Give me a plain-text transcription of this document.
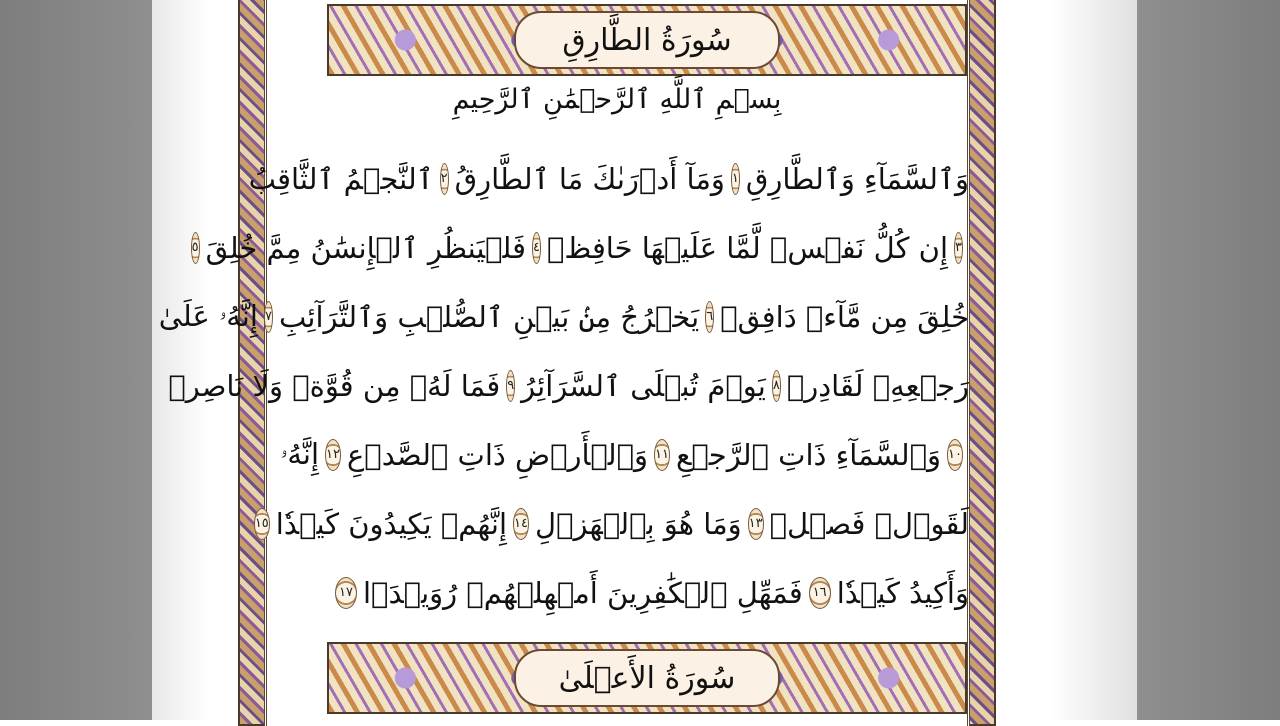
سُورَةُ الطَّارِقِ
بِسۡمِ ٱللَّهِ ٱلرَّحۡمَٰنِ ٱلرَّحِيمِ
وَٱلسَّمَآءِ وَٱلطَّارِقِ
١
وَمَآ أَدۡرَىٰكَ مَا ٱلطَّارِقُ
٢
ٱلنَّجۡمُ ٱلثَّاقِبُ
٣
إِن كُلُّ نَفۡسٖ لَّمَّا عَلَيۡهَا حَافِظٞ
٤
فَلۡيَنظُرِ ٱلۡإِنسَٰنُ مِمَّ خُلِقَ
٥
خُلِقَ مِن مَّآءٖ دَافِقٖ
٦
يَخۡرُجُ مِنۢ بَيۡنِ ٱلصُّلۡبِ وَٱلتَّرَآئِبِ
٧
إِنَّهُۥ عَلَىٰ
رَجۡعِهِۦ لَقَادِرٞ
٨
يَوۡمَ تُبۡلَى ٱلسَّرَآئِرُ
٩
فَمَا لَهُۥ مِن قُوَّةٖ وَلَا نَاصِرٖ
١٠
وَٱلسَّمَآءِ ذَاتِ ٱلرَّجۡعِ
١١
وَٱلۡأَرۡضِ ذَاتِ ٱلصَّدۡعِ
١٢
إِنَّهُۥ
لَقَوۡلٞ فَصۡلٞ
١٣
وَمَا هُوَ بِٱلۡهَزۡلِ
١٤
إِنَّهُمۡ يَكِيدُونَ كَيۡدٗا
١٥
وَأَكِيدُ كَيۡدٗا
١٦
فَمَهِّلِ ٱلۡكَٰفِرِينَ أَمۡهِلۡهُمۡ رُوَيۡدَۢا
١٧
سُورَةُ الأَعۡلَىٰ
